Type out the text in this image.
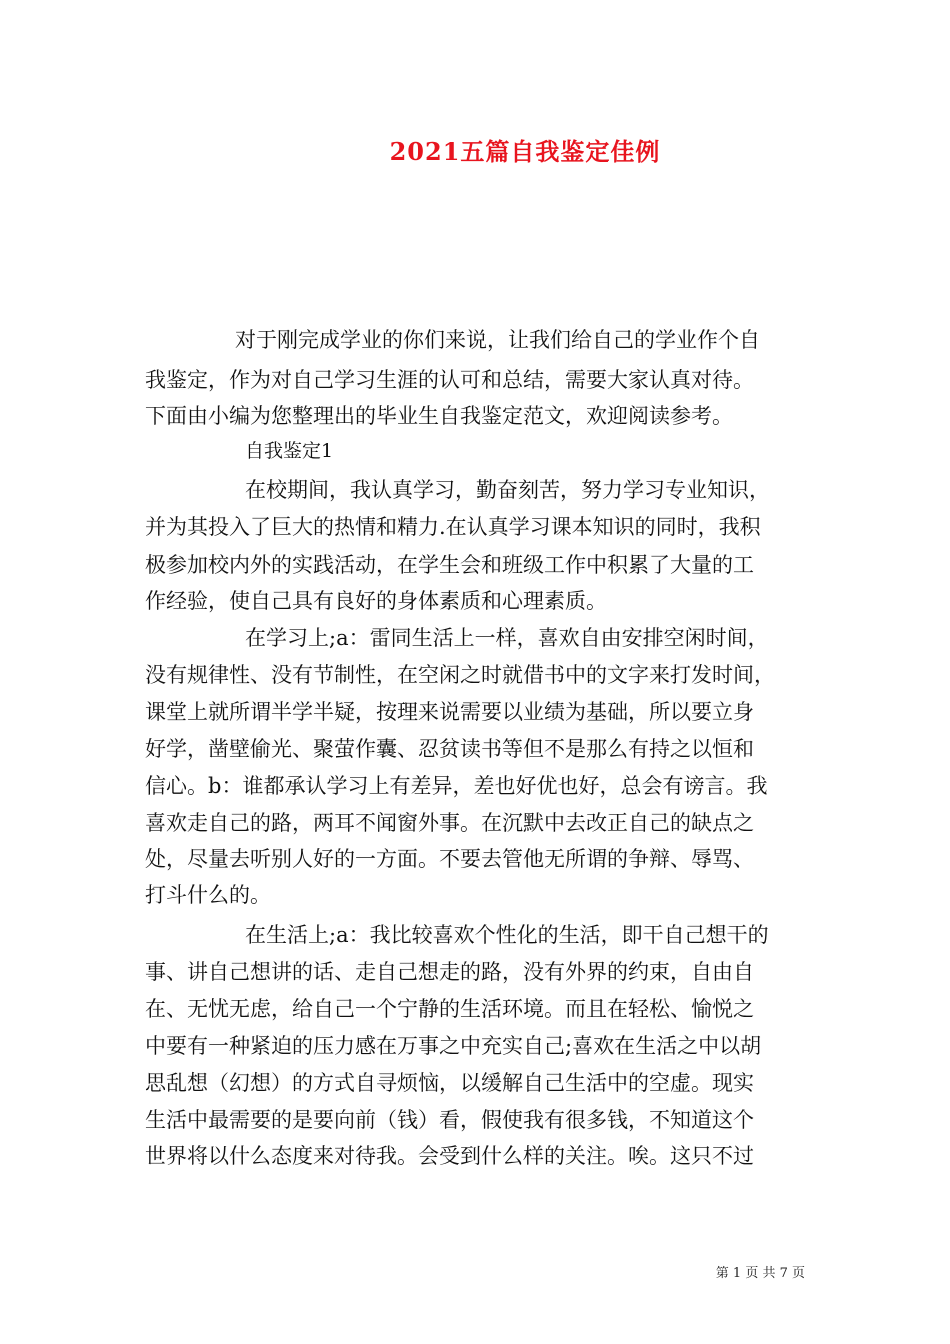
2021五篇自我鉴定佳例
对于刚完成学业的你们来说，让我们给自己的学业作个自
我鉴定，作为对自己学习生涯的认可和总结，需要大家认真对待。
下面由小编为您整理出的毕业生自我鉴定范文，欢迎阅读参考。
自我鉴定1
在校期间，我认真学习，勤奋刻苦，努力学习专业知识，
并为其投入了巨大的热情和精力.在认真学习课本知识的同时，我积
极参加校内外的实践活动，在学生会和班级工作中积累了大量的工
作经验，使自己具有良好的身体素质和心理素质。
在学习上;a：雷同生活上一样，喜欢自由安排空闲时间，
没有规律性、没有节制性，在空闲之时就借书中的文字来打发时间，
课堂上就所谓半学半疑，按理来说需要以业绩为基础，所以要立身
好学，凿壁偷光、聚萤作囊、忍贫读书等但不是那么有持之以恒和
信心。b：谁都承认学习上有差异，差也好优也好，总会有谤言。我
喜欢走自己的路，两耳不闻窗外事。在沉默中去改正自己的缺点之
处，尽量去听别人好的一方面。不要去管他无所谓的争辩、辱骂、
打斗什么的。
在生活上;a：我比较喜欢个性化的生活，即干自己想干的
事、讲自己想讲的话、走自己想走的路，没有外界的约束，自由自
在、无忧无虑，给自己一个宁静的生活环境。而且在轻松、愉悦之
中要有一种紧迫的压力感在万事之中充实自己;喜欢在生活之中以胡
思乱想（幻想）的方式自寻烦恼，以缓解自己生活中的空虚。现实
生活中最需要的是要向前（钱）看，假使我有很多钱，不知道这个
世界将以什么态度来对待我。会受到什么样的关注。唉。这只不过
第 1 页 共 7 页
